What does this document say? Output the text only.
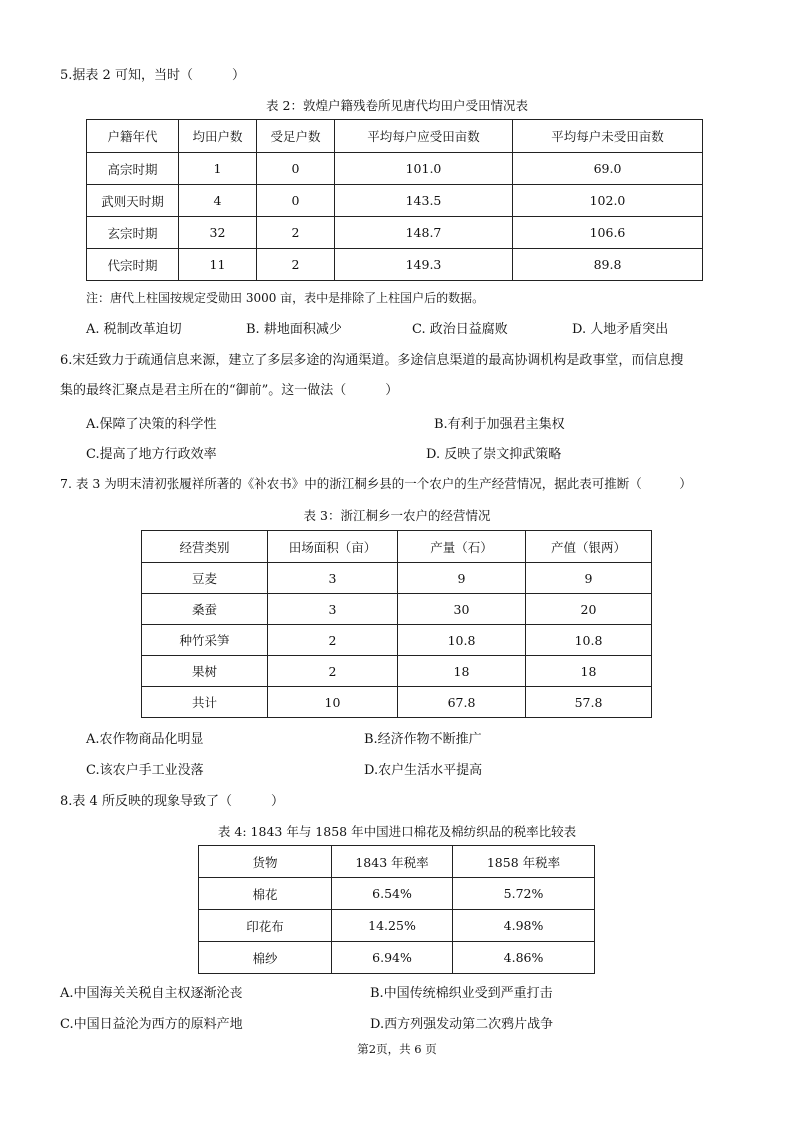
5.据表 2 可知，当时（　　　）
表 2：敦煌户籍残卷所见唐代均田户受田情况表
户籍年代	均田户数	受足户数	平均每户应受田亩数	平均每户未受田亩数
高宗时期	1	0	101.0	69.0
武则天时期	4	0	143.5	102.0
玄宗时期	32	2	148.7	106.6
代宗时期	11	2	149.3	89.8
注：唐代上柱国按规定受勋田 3000 亩，表中是排除了上柱国户后的数据。
A. 税制改革迫切	B. 耕地面积减少	C. 政治日益腐败	D. 人地矛盾突出
6.宋廷致力于疏通信息来源，建立了多层多途的沟通渠道。多途信息渠道的最高协调机构是政事堂，而信息搜
集的最终汇聚点是君主所在的“御前”。这一做法（　　　）
A.保障了决策的科学性	B.有利于加强君主集权
C.提高了地方行政效率	D. 反映了崇文抑武策略
7. 表 3 为明末清初张履祥所著的《补农书》中的浙江桐乡县的一个农户的生产经营情况，据此表可推断（　　　）
表 3：浙江桐乡一农户的经营情况
经营类别	田场面积（亩）	产量（石）	产值（银两）
豆麦	3	9	9
桑蚕	3	30	20
种竹采笋	2	10.8	10.8
果树	2	18	18
共计	10	67.8	57.8
A.农作物商品化明显	B.经济作物不断推广
C.该农户手工业没落	D.农户生活水平提高
8.表 4 所反映的现象导致了（　　　）
表 4: 1843 年与 1858 年中国进口棉花及棉纺织品的税率比较表
货物	1843 年税率	1858 年税率
棉花	6.54%	5.72%
印花布	14.25%	4.98%
棉纱	6.94%	4.86%
A.中国海关关税自主权逐渐沦丧	B.中国传统棉织业受到严重打击
C.中国日益沦为西方的原料产地	D.西方列强发动第二次鸦片战争
第2页，共 6 页
